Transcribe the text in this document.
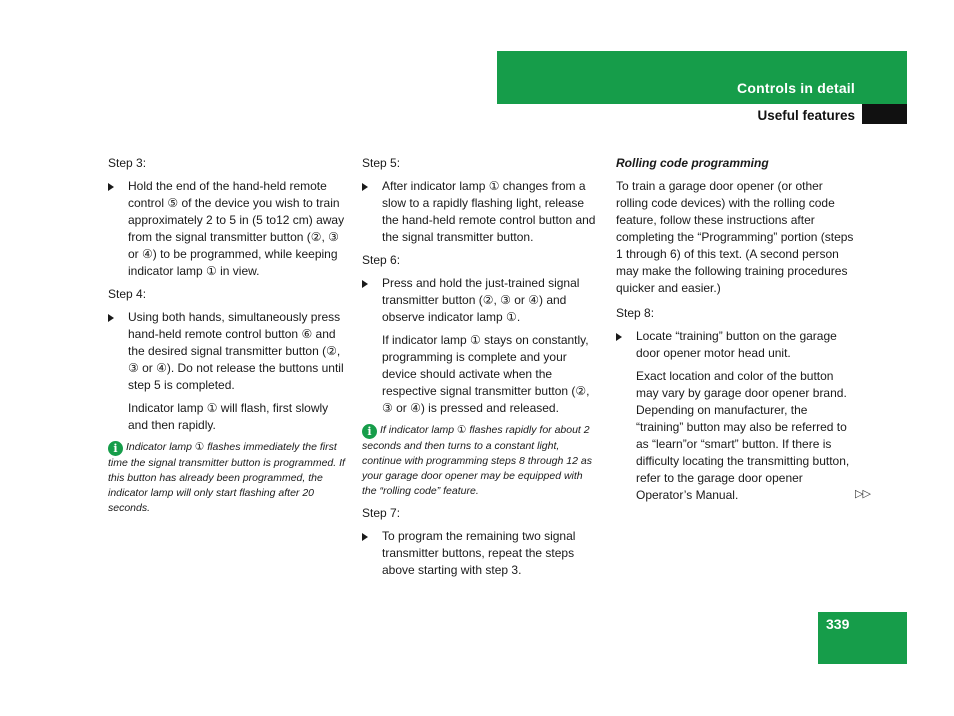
Controls in detail
Useful features

Step 3:

Hold the end of the hand-held remote control ⑤ of the device you wish to train approximately 2 to 5 in (5 to12 cm) away from the signal transmitter button (②, ③ or ④) to be programmed, while keeping indicator lamp ① in view.

Step 4:

Using both hands, simultaneously press hand-held remote control button ⑥ and the desired signal transmitter button (②, ③ or ④). Do not release the buttons until step 5 is completed.

Indicator lamp ① will flash, first slowly and then rapidly.

i Indicator lamp ① flashes immediately the first time the signal transmitter button is programmed. If this button has already been programmed, the indicator lamp will only start flashing after 20 seconds.

Step 5:

After indicator lamp ① changes from a slow to a rapidly flashing light, release the hand-held remote control button and the signal transmitter button.

Step 6:

Press and hold the just-trained signal transmitter button (②, ③ or ④) and observe indicator lamp ①.

If indicator lamp ① stays on constantly, programming is complete and your device should activate when the respective signal transmitter button (②, ③ or ④) is pressed and released.

i If indicator lamp ① flashes rapidly for about 2 seconds and then turns to a constant light, continue with programming steps 8 through 12 as your garage door opener may be equipped with the “rolling code” feature.

Step 7:

To program the remaining two signal transmitter buttons, repeat the steps above starting with step 3.

Rolling code programming

To train a garage door opener (or other rolling code devices) with the rolling code feature, follow these instructions after completing the “Programming” portion (steps 1 through 6) of this text. (A second person may make the following training procedures quicker and easier.)

Step 8:

Locate “training” button on the garage door opener motor head unit.

Exact location and color of the button may vary by garage door opener brand. Depending on manufacturer, the “training” button may also be referred to as “learn”or “smart” button. If there is difficulty locating the transmitting button, refer to the garage door opener Operator’s Manual.	▷▷
339
